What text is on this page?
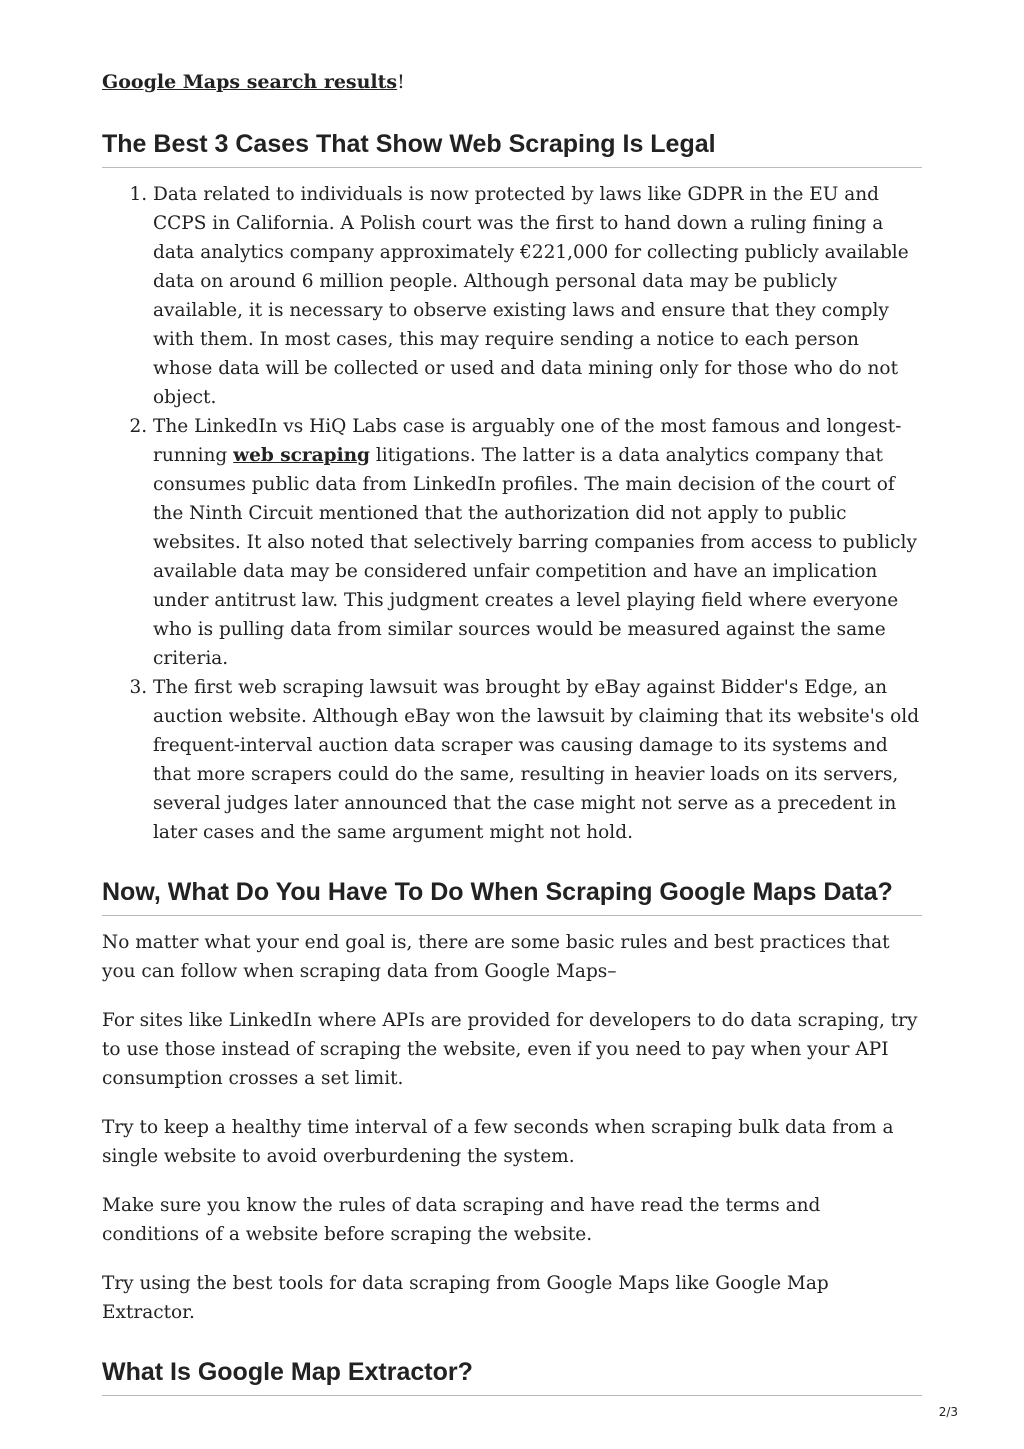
Google Maps search results!

The Best 3 Cases That Show Web Scraping Is Legal
1. Data related to individuals is now protected by laws like GDPR in the EU and CCPS in California. A Polish court was the first to hand down a ruling fining a data analytics company approximately €221,000 for collecting publicly available data on around 6 million people. Although personal data may be publicly available, it is necessary to observe existing laws and ensure that they comply with them. In most cases, this may require sending a notice to each person whose data will be collected or used and data mining only for those who do not object.
2. The LinkedIn vs HiQ Labs case is arguably one of the most famous and longest-running web scraping litigations. The latter is a data analytics company that consumes public data from LinkedIn profiles. The main decision of the court of the Ninth Circuit mentioned that the authorization did not apply to public websites. It also noted that selectively barring companies from access to publicly available data may be considered unfair competition and have an implication under antitrust law. This judgment creates a level playing field where everyone who is pulling data from similar sources would be measured against the same criteria.
3. The first web scraping lawsuit was brought by eBay against Bidder's Edge, an auction website. Although eBay won the lawsuit by claiming that its website's old frequent-interval auction data scraper was causing damage to its systems and that more scrapers could do the same, resulting in heavier loads on its servers, several judges later announced that the case might not serve as a precedent in later cases and the same argument might not hold.
Now, What Do You Have To Do When Scraping Google Maps Data?

No matter what your end goal is, there are some basic rules and best practices that you can follow when scraping data from Google Maps–

For sites like LinkedIn where APIs are provided for developers to do data scraping, try to use those instead of scraping the website, even if you need to pay when your API consumption crosses a set limit.

Try to keep a healthy time interval of a few seconds when scraping bulk data from a single website to avoid overburdening the system.

Make sure you know the rules of data scraping and have read the terms and conditions of a website before scraping the website.

Try using the best tools for data scraping from Google Maps like Google Map Extractor.

What Is Google Map Extractor?
2/3
